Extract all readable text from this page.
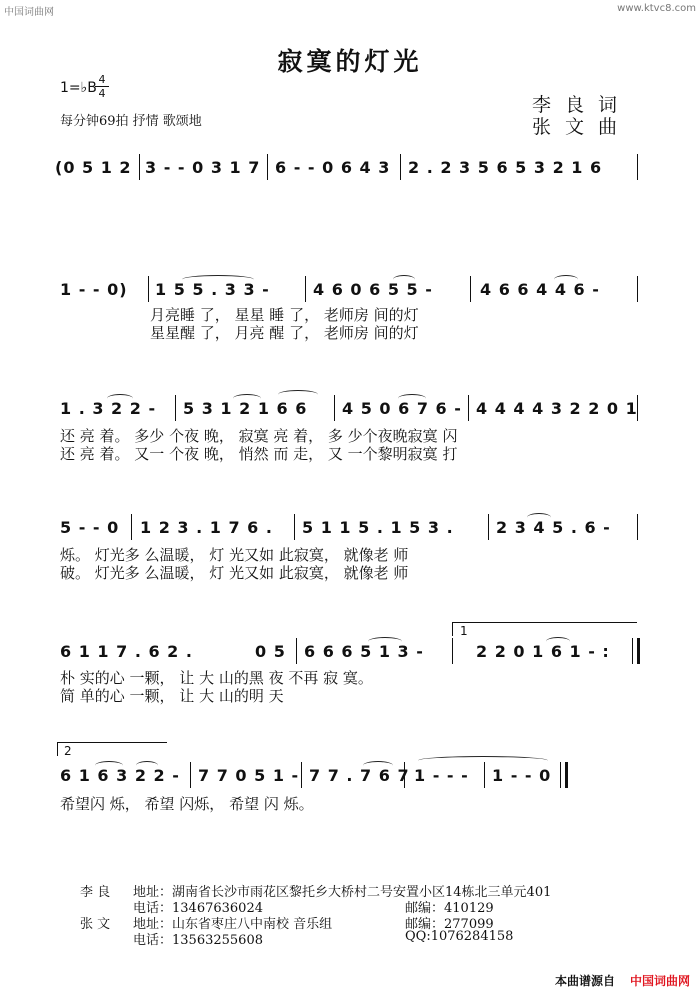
中国词曲网	www.ktvc8.com
寂寞的灯光
1=♭B
4
4
每分钟69拍 抒情 歌颂地
李良词
张文曲
(0 5 1 2 3 - - 0 3 1 7 6 - - 0 6 4 3 2 . 2 3 5 6 5 3 2 1 6
1 - - 0) 1 5 5 . 3 3 -	4 6 0 6 5 5 -	4 6 6 4 4 6 -
月亮睡 了， 星星 睡 了， 老师房 间的灯
星星醒 了， 月亮 醒 了， 老师房 间的灯
1 . 3 2 2 - 5 3 1 2 1 6 6 4 5 0 6 7 6 - 4 4 4 4 3 2 2 0 1
还 亮 着。 多少 个夜 晚， 寂寞 亮 着， 多 少个夜晚寂寞 闪
还 亮 着。 又一 个夜 晚， 悄然 而 走， 又 一个黎明寂寞 打
5 - - 0 1 2 3 . 1 7 6 . 5 1 1 5 . 1 5 3 .	2 3 4 5 . 6 -
烁。 灯光多 么温暖， 灯 光又如 此寂寞， 就像老 师
破。 灯光多 么温暖， 灯 光又如 此寂寞， 就像老 师
6 1 1 7 . 6 2 .	0 5 6 6 6 5 1 3 -
1
2 2 0 1 6 1 - :
朴 实的心 一颗， 让 大 山的黑 夜 不再 寂 寞。
简 单的心 一颗， 让 大 山的明 天
2
6 1 6 3 2 2 - 7 7 0 5 1 - 7 7 . 7 6 7 1 - - - 1 - - 0
希望闪 烁， 希望 闪烁， 希望 闪 烁。
李 良 地址：湖南省长沙市雨花区黎托乡大桥村二号安置小区14栋北三单元401
电话：13467636024	邮编：410129
张 文 地址：山东省枣庄八中南校 音乐组	邮编：277099
电话：13563255608	QQ:1076284158
本曲谱源自 中国词曲网
